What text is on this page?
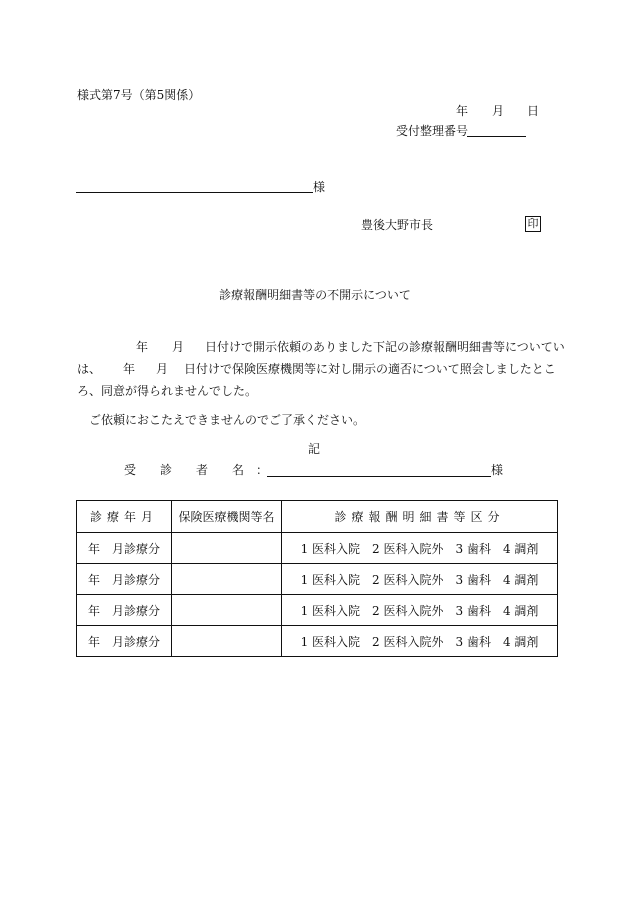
様式第7号（第5関係）
年 月 日
受付整理番号
様
豊後大野市長	印
診療報酬明細書等の不開示について
年 月 日付けで開示依頼のありました下記の診療報酬明細書等についてい
は、 年 月 日付けで保険医療機関等に対し開示の適否について照会しましたとこ
ろ、同意が得られませんでした。
ご依頼におこたえできませんのでご了承ください。
記
受　　診　　者　　名　：	様
診療年月	保険医療機関等名	診療報酬明細書等区分
年　月診療分		1 医科入院　2 医科入院外　3 歯科　4 調剤
年　月診療分		1 医科入院　2 医科入院外　3 歯科　4 調剤
年　月診療分		1 医科入院　2 医科入院外　3 歯科　4 調剤
年　月診療分		1 医科入院　2 医科入院外　3 歯科　4 調剤
